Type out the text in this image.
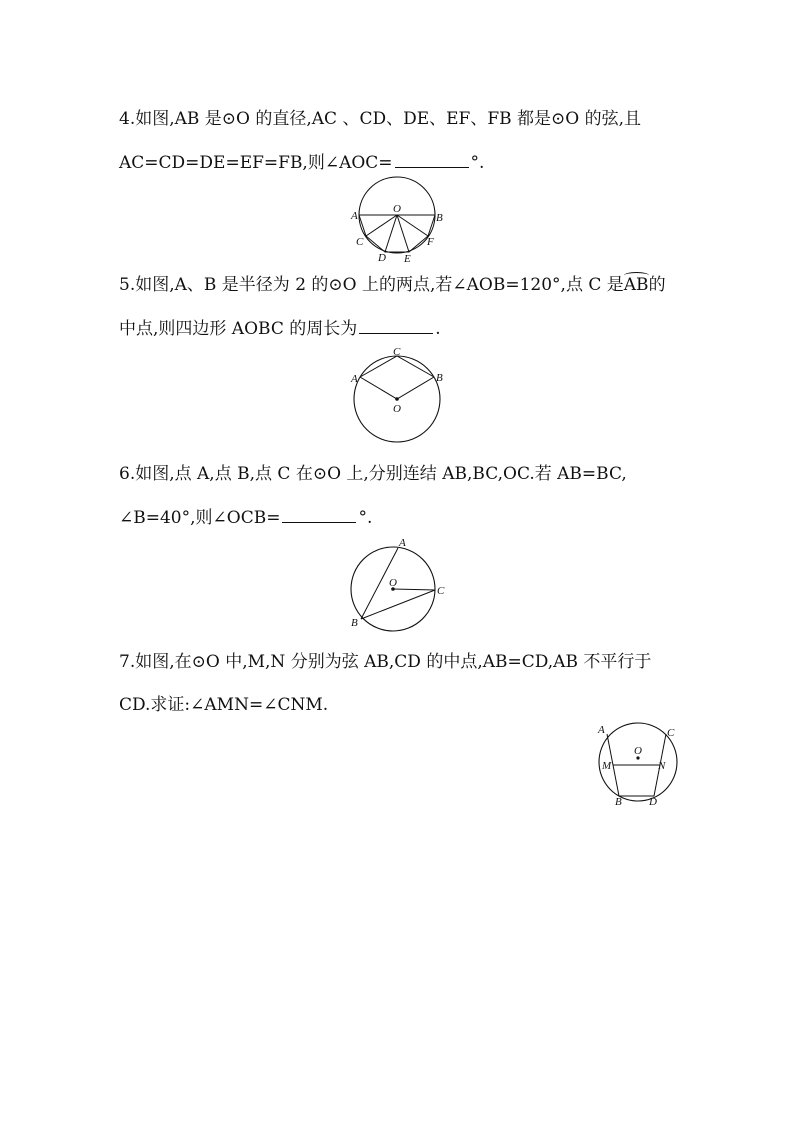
4.如图,AB 是⊙O 的直径,AC 、CD、DE、EF、FB 都是⊙O 的弦,且
AC=CD=DE=EF=FB,则∠AOC=	°.
A
O
B
C
D E
F
5.如图,A、B 是半径为 2 的⊙O 上的两点,若∠AOB=120°,点 C 是AB的
中点,则四边形 AOBC 的周长为	.
C
A	B
O
6.如图,点 A,点 B,点 C 在⊙O 上,分别连结 AB,BC,OC.若 AB=BC,
∠B=40°,则∠OCB=	°.
A
O
C
B
7.如图,在⊙O 中,M,N 分别为弦 AB,CD 的中点,AB=CD,AB 不平行于
CD.求证:∠AMN=∠CNM.
A	C
O
M	N
B D
